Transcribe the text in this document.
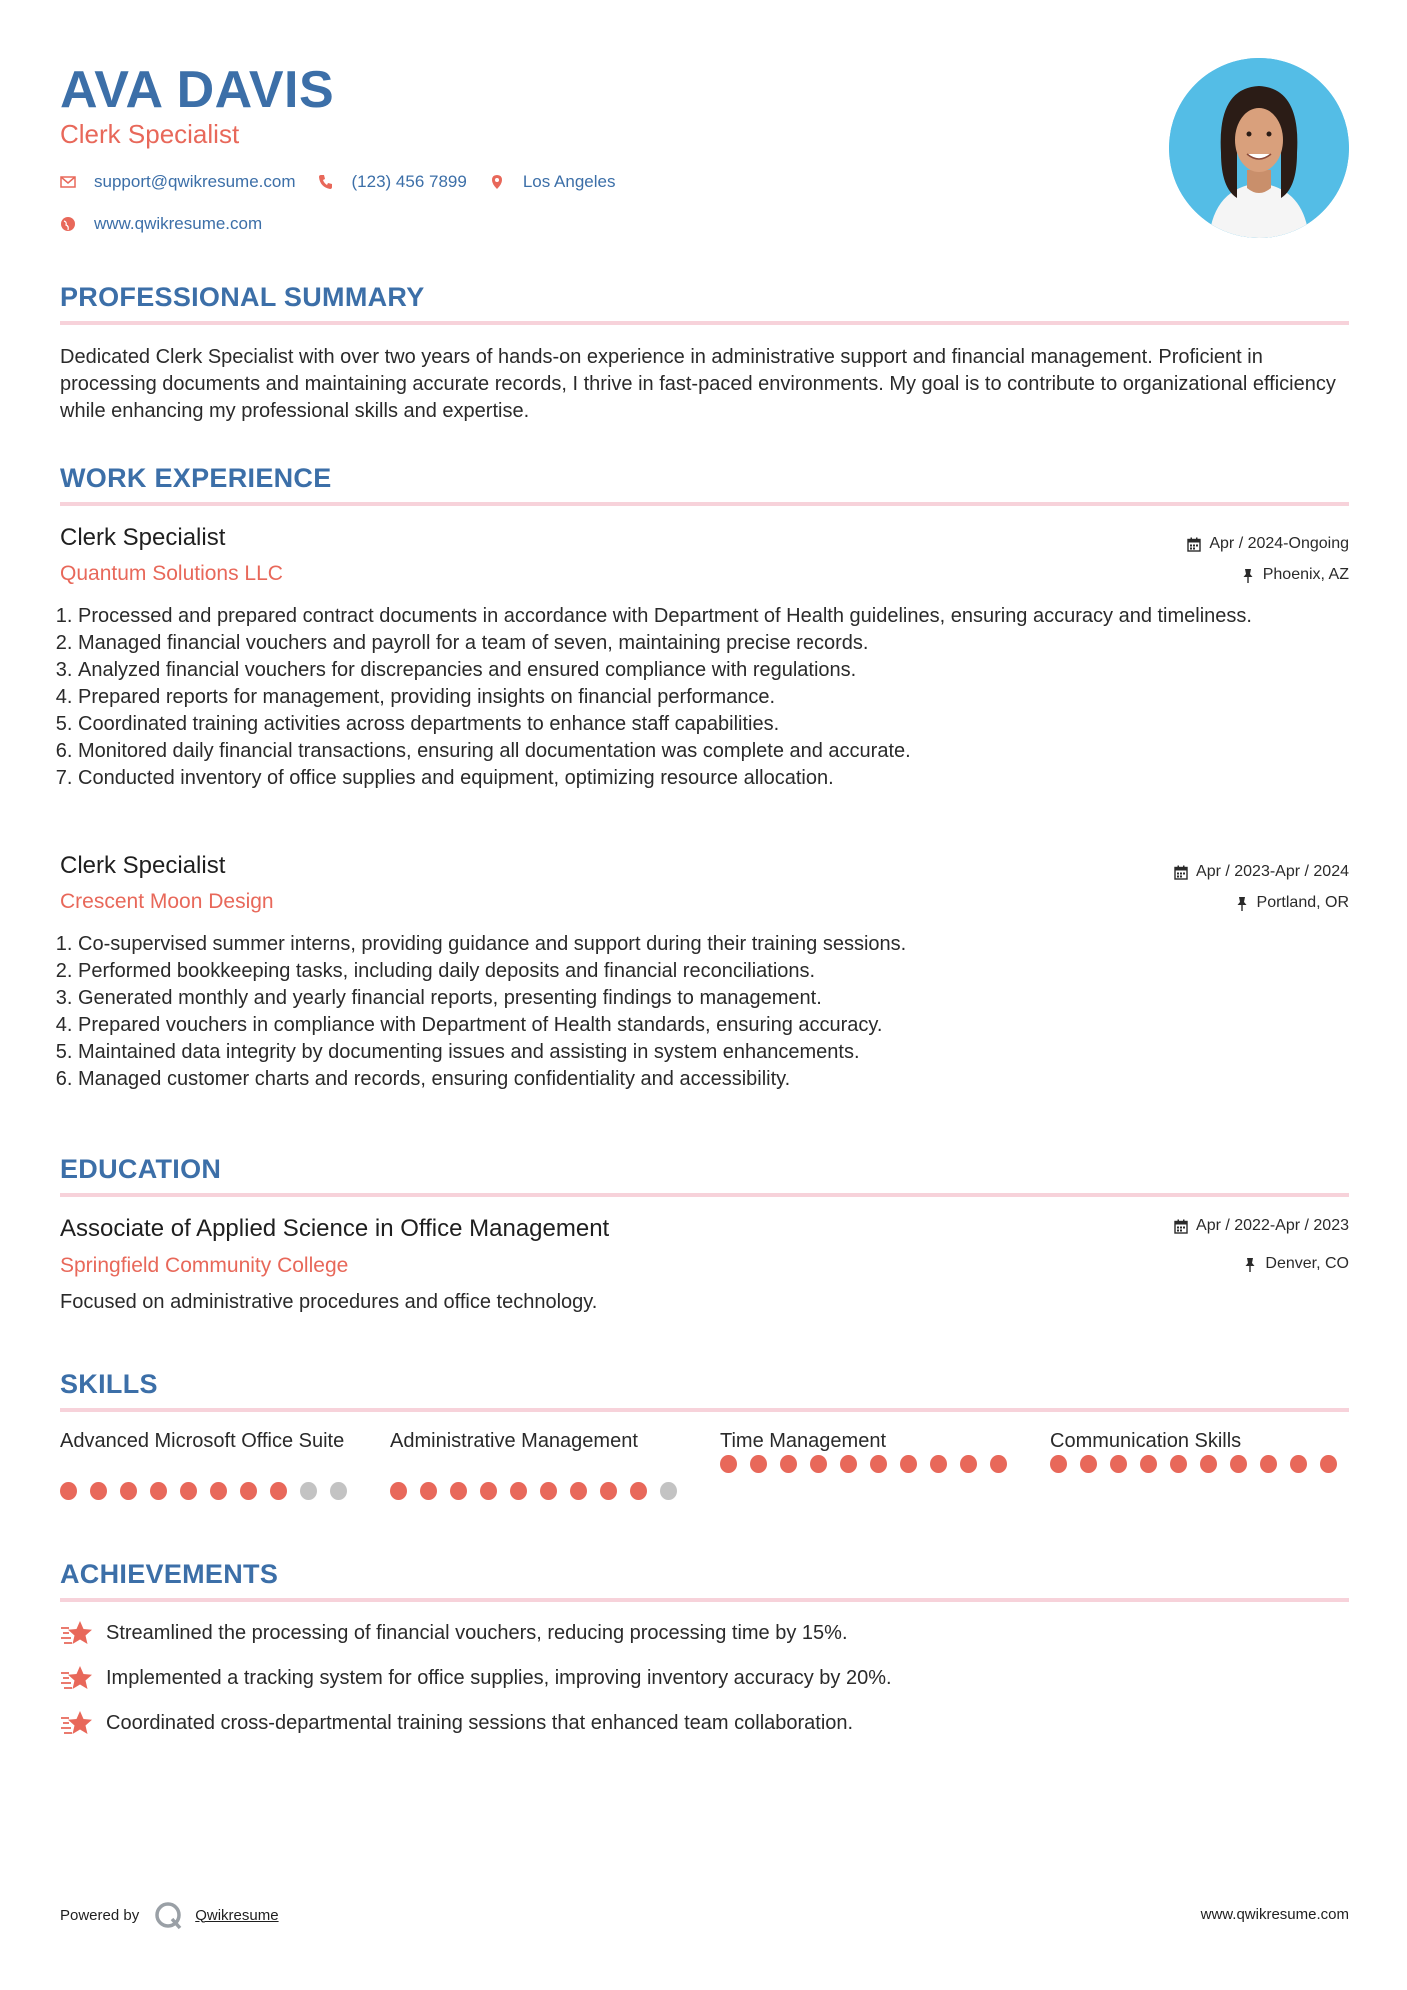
AVA DAVIS
Clerk Specialist
support@qwikresume.com	(123) 456 7899	Los Angeles
www.qwikresume.com
PROFESSIONAL SUMMARY
Dedicated Clerk Specialist with over two years of hands-on experience in administrative support and financial management. Proficient in processing documents and maintaining accurate records, I thrive in fast-paced environments. My goal is to contribute to organizational efficiency while enhancing my professional skills and expertise.
WORK EXPERIENCE
Clerk Specialist
Quantum Solutions LLC
Apr / 2024-Ongoing
Phoenix, AZ
1. Processed and prepared contract documents in accordance with Department of Health guidelines, ensuring accuracy and timeliness.
2. Managed financial vouchers and payroll for a team of seven, maintaining precise records.
3. Analyzed financial vouchers for discrepancies and ensured compliance with regulations.
4. Prepared reports for management, providing insights on financial performance.
5. Coordinated training activities across departments to enhance staff capabilities.
6. Monitored daily financial transactions, ensuring all documentation was complete and accurate.
7. Conducted inventory of office supplies and equipment, optimizing resource allocation.
Clerk Specialist
Crescent Moon Design
Apr / 2023-Apr / 2024
Portland, OR
1. Co-supervised summer interns, providing guidance and support during their training sessions.
2. Performed bookkeeping tasks, including daily deposits and financial reconciliations.
3. Generated monthly and yearly financial reports, presenting findings to management.
4. Prepared vouchers in compliance with Department of Health standards, ensuring accuracy.
5. Maintained data integrity by documenting issues and assisting in system enhancements.
6. Managed customer charts and records, ensuring confidentiality and accessibility.
EDUCATION
Associate of Applied Science in Office Management
Springfield Community College
Apr / 2022-Apr / 2023
Denver, CO
Focused on administrative procedures and office technology.
SKILLS
Advanced Microsoft Office Suite	Administrative Management	Time Management	Communication Skills
ACHIEVEMENTS
Streamlined the processing of financial vouchers, reducing processing time by 15%.
Implemented a tracking system for office supplies, improving inventory accuracy by 20%.
Coordinated cross-departmental training sessions that enhanced team collaboration.
Powered by	Qwikresume	www.qwikresume.com
